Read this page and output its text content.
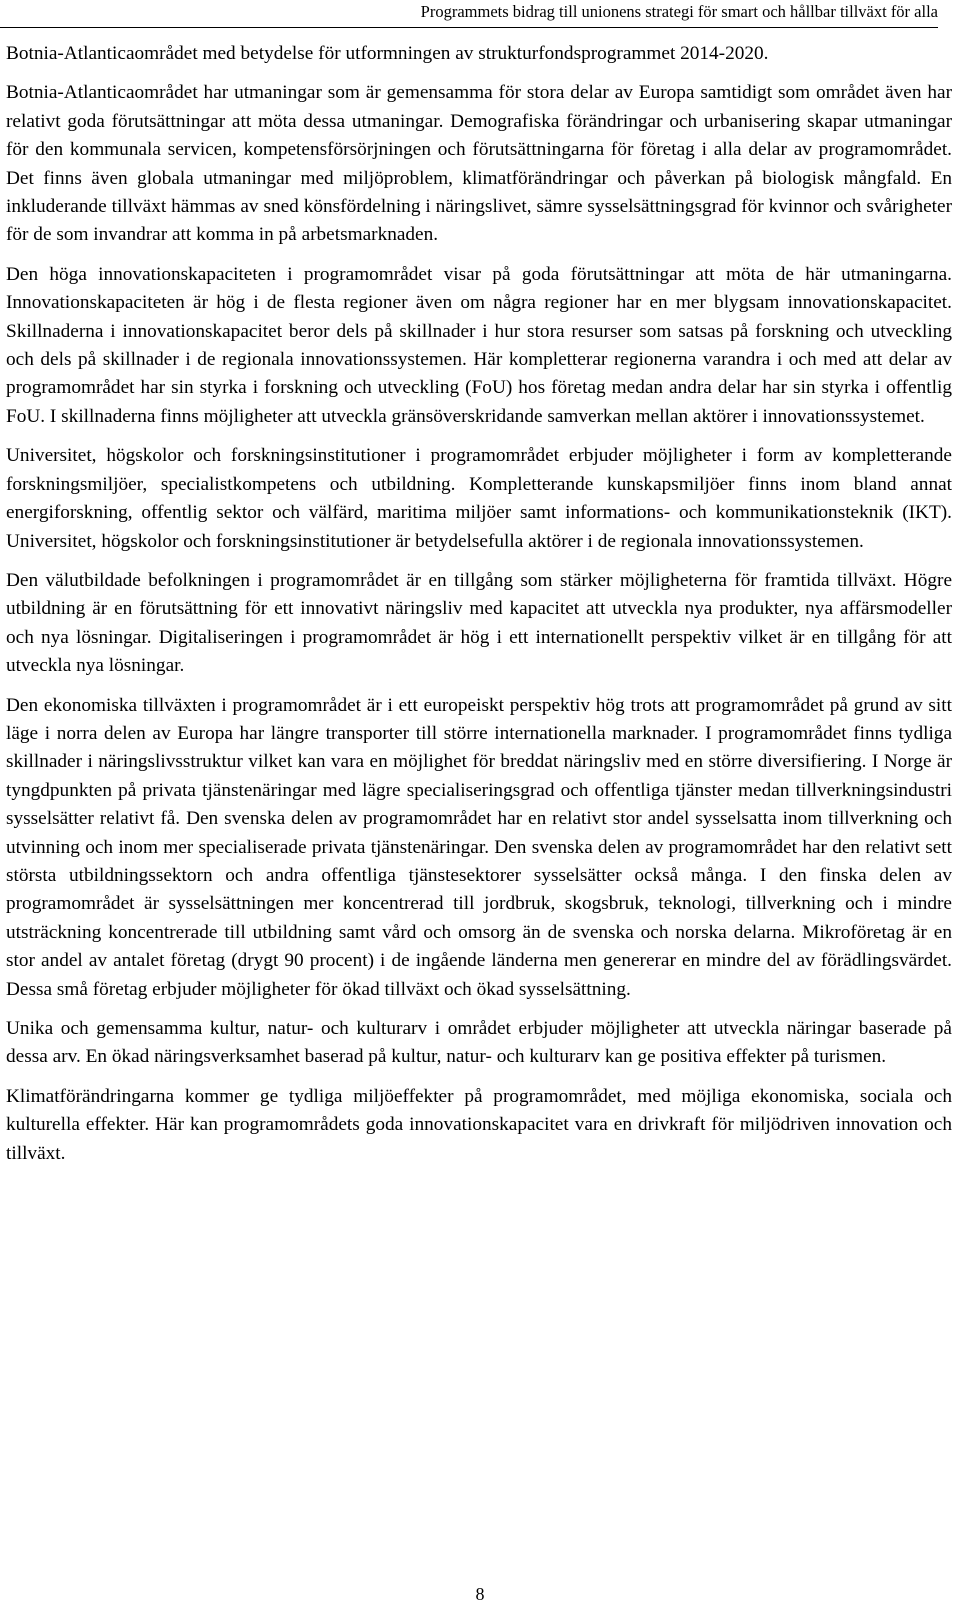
Programmets bidrag till unionens strategi för smart och hållbar tillväxt för alla

Botnia-Atlanticaområdet med betydelse för utformningen av strukturfondsprogrammet 2014-2020.

Botnia-Atlanticaområdet har utmaningar som är gemensamma för stora delar av Europa samtidigt som området även har relativt goda förutsättningar att möta dessa utmaningar. Demografiska förändringar och urbanisering skapar utmaningar för den kommunala servicen, kompetensförsörjningen och förutsättningarna för företag i alla delar av programområdet. Det finns även globala utmaningar med miljöproblem, klimatförändringar och påverkan på biologisk mångfald. En inkluderande tillväxt hämmas av sned könsfördelning i näringslivet, sämre sysselsättningsgrad för kvinnor och svårigheter för de som invandrar att komma in på arbetsmarknaden.

Den höga innovationskapaciteten i programområdet visar på goda förutsättningar att möta de här utmaningarna. Innovationskapaciteten är hög i de flesta regioner även om några regioner har en mer blygsam innovationskapacitet. Skillnaderna i innovationskapacitet beror dels på skillnader i hur stora resurser som satsas på forskning och utveckling och dels på skillnader i de regionala innovationssystemen. Här kompletterar regionerna varandra i och med att delar av programområdet har sin styrka i forskning och utveckling (FoU) hos företag medan andra delar har sin styrka i offentlig FoU. I skillnaderna finns möjligheter att utveckla gränsöverskridande samverkan mellan aktörer i innovationssystemet.

Universitet, högskolor och forskningsinstitutioner i programområdet erbjuder möjligheter i form av kompletterande forskningsmiljöer, specialistkompetens och utbildning. Kompletterande kunskapsmiljöer finns inom bland annat energiforskning, offentlig sektor och välfärd, maritima miljöer samt informations- och kommunikationsteknik (IKT). Universitet, högskolor och forskningsinstitutioner är betydelsefulla aktörer i de regionala innovationssystemen.

Den välutbildade befolkningen i programområdet är en tillgång som stärker möjligheterna för framtida tillväxt. Högre utbildning är en förutsättning för ett innovativt näringsliv med kapacitet att utveckla nya produkter, nya affärsmodeller och nya lösningar. Digitaliseringen i programområdet är hög i ett internationellt perspektiv vilket är en tillgång för att utveckla nya lösningar.

Den ekonomiska tillväxten i programområdet är i ett europeiskt perspektiv hög trots att programområdet på grund av sitt läge i norra delen av Europa har längre transporter till större internationella marknader. I programområdet finns tydliga skillnader i näringslivsstruktur vilket kan vara en möjlighet för breddat näringsliv med en större diversifiering. I Norge är tyngdpunkten på privata tjänstenäringar med lägre specialiseringsgrad och offentliga tjänster medan tillverkningsindustri sysselsätter relativt få. Den svenska delen av programområdet har en relativt stor andel sysselsatta inom tillverkning och utvinning och inom mer specialiserade privata tjänstenäringar. Den svenska delen av programområdet har den relativt sett största utbildningssektorn och andra offentliga tjänstesektorer sysselsätter också många. I den finska delen av programområdet är sysselsättningen mer koncentrerad till jordbruk, skogsbruk, teknologi, tillverkning och i mindre utsträckning koncentrerade till utbildning samt vård och omsorg än de svenska och norska delarna. Mikroföretag är en stor andel av antalet företag (drygt 90 procent) i de ingående länderna men genererar en mindre del av förädlingsvärdet. Dessa små företag erbjuder möjligheter för ökad tillväxt och ökad sysselsättning.

Unika och gemensamma kultur, natur- och kulturarv i området erbjuder möjligheter att utveckla näringar baserade på dessa arv. En ökad näringsverksamhet baserad på kultur, natur- och kulturarv kan ge positiva effekter på turismen.

Klimatförändringarna kommer ge tydliga miljöeffekter på programområdet, med möjliga ekonomiska, sociala och kulturella effekter. Här kan programområdets goda innovationskapacitet vara en drivkraft för miljödriven innovation och tillväxt.

8
